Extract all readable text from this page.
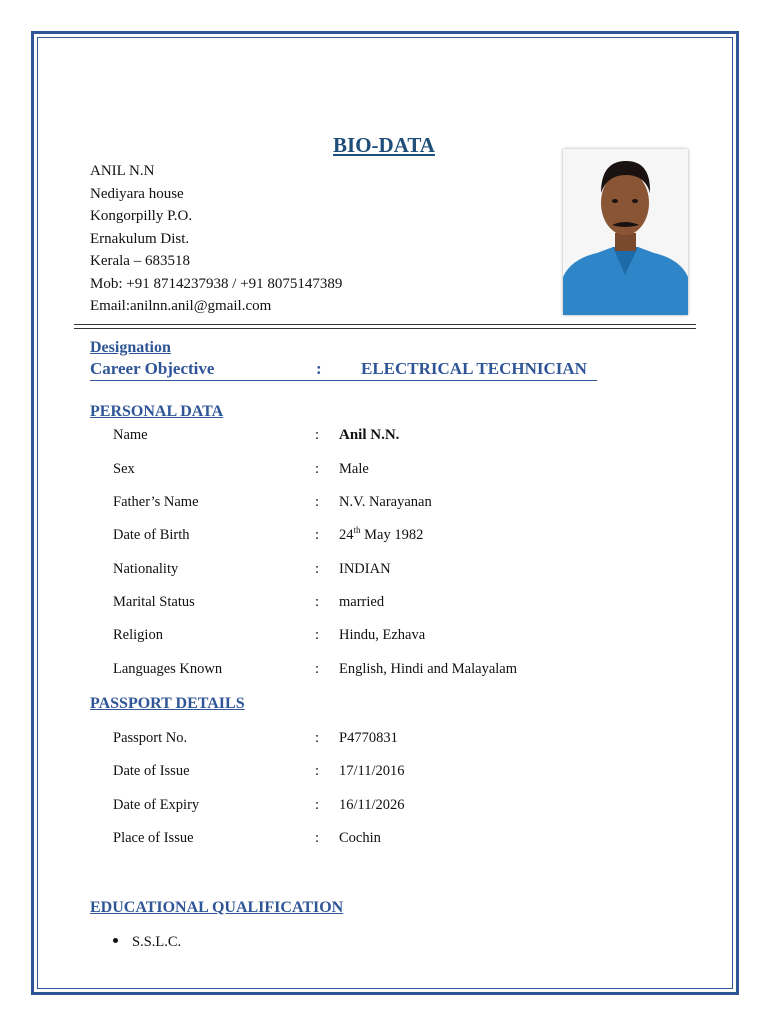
BIO-DATA
ANIL N.N
Nediyara house
Kongorpilly P.O.
Ernakulum Dist.
Kerala – 683518
Mob: +91 8714237938 / +91 8075147389
Email:anilnn.anil@gmail.com
Designation
Career Objective	: ELECTRICAL TECHNICIAN
PERSONAL DATA
Name	: Anil N.N.
Sex	: Male
Father’s Name	: N.V. Narayanan
Date of Birth	: 24th May 1982
Nationality	: INDIAN
Marital Status	: married
Religion	: Hindu, Ezhava
Languages Known	: English, Hindi and Malayalam
PASSPORT DETAILS
Passport No.	: P4770831
Date of Issue	: 17/11/2016
Date of Expiry	: 16/11/2026
Place of Issue	: Cochin
EDUCATIONAL QUALIFICATION
S.S.L.C.
